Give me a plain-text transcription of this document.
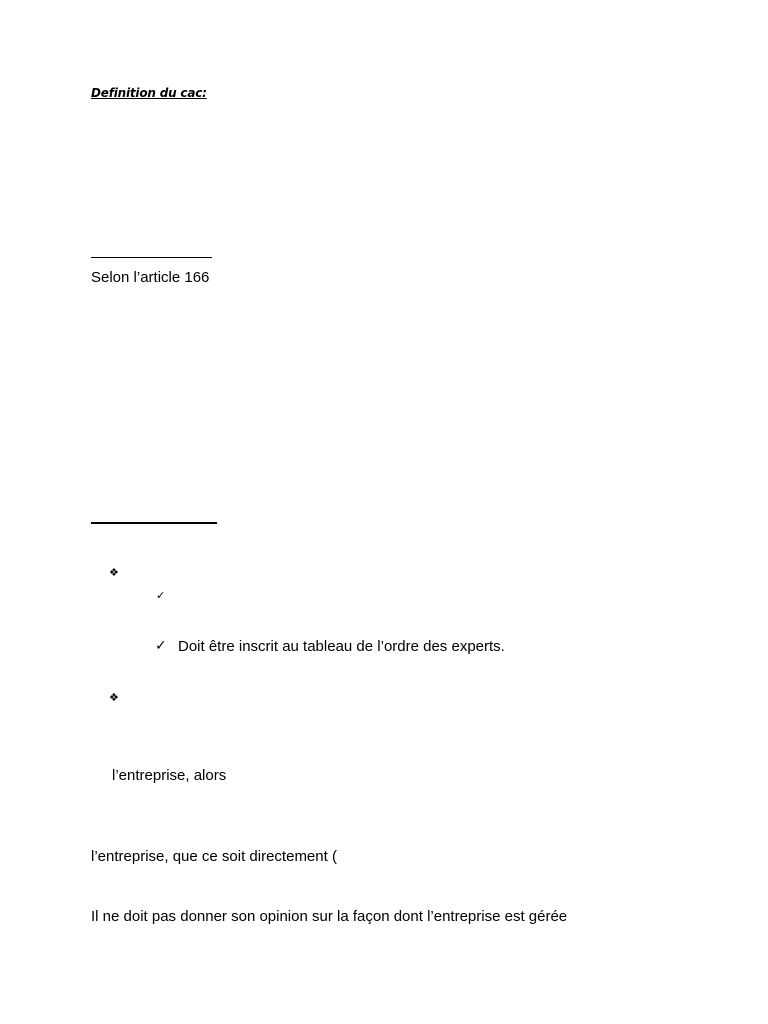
Definition du cac:
Selon l’article 166
❖
✓
✓ Doit être inscrit au tableau de l’ordre des experts.
❖
l’entreprise, alors
l’entreprise, que ce soit directement (
Il ne doit pas donner son opinion sur la façon dont l’entreprise est gérée
